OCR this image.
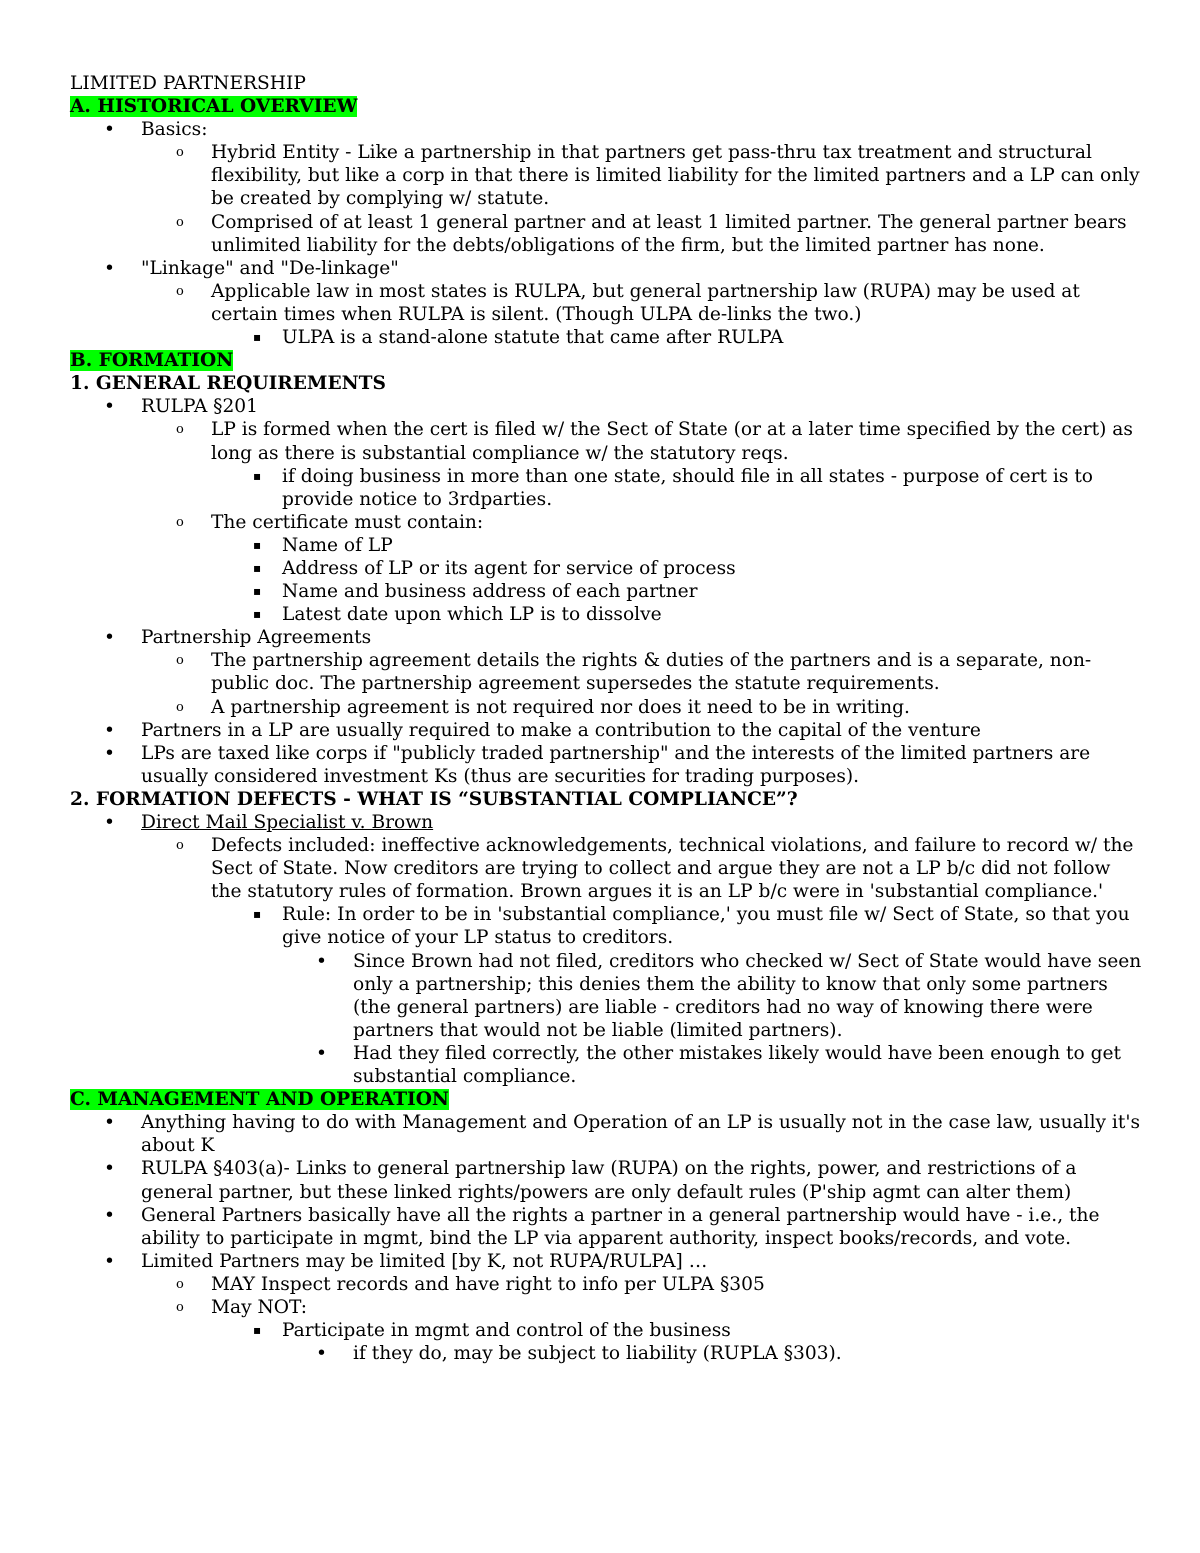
LIMITED PARTNERSHIP
A. HISTORICAL OVERVIEW
• Basics:
o Hybrid Entity - Like a partnership in that partners get pass-thru tax treatment and structural flexibility, but like a corp in that there is limited liability for the limited partners and a LP can only be created by complying w/ statute.
o Comprised of at least 1 general partner and at least 1 limited partner. The general partner bears unlimited liability for the debts/obligations of the firm, but the limited partner has none.
• "Linkage" and "De-linkage"
o Applicable law in most states is RULPA, but general partnership law (RUPA) may be used at certain times when RULPA is silent. (Though ULPA de-links the two.)
▪ ULPA is a stand-alone statute that came after RULPA
B. FORMATION
1. GENERAL REQUIREMENTS
• RULPA §201
o LP is formed when the cert is filed w/ the Sect of State (or at a later time specified by the cert) as long as there is substantial compliance w/ the statutory reqs.
▪ if doing business in more than one state, should file in all states - purpose of cert is to provide notice to 3rdparties.
o The certificate must contain:
▪ Name of LP
▪ Address of LP or its agent for service of process
▪ Name and business address of each partner
▪ Latest date upon which LP is to dissolve
• Partnership Agreements
o The partnership agreement details the rights & duties of the partners and is a separate, non- public doc. The partnership agreement supersedes the statute requirements.
o A partnership agreement is not required nor does it need to be in writing.
• Partners in a LP are usually required to make a contribution to the capital of the venture
• LPs are taxed like corps if "publicly traded partnership" and the interests of the limited partners are usually considered investment Ks (thus are securities for trading purposes).
2. FORMATION DEFECTS - WHAT IS “SUBSTANTIAL COMPLIANCE”?
• Direct Mail Specialist v. Brown
o Defects included: ineffective acknowledgements, technical violations, and failure to record w/ the Sect of State. Now creditors are trying to collect and argue they are not a LP b/c did not follow the statutory rules of formation. Brown argues it is an LP b/c were in 'substantial compliance.'
▪ Rule: In order to be in 'substantial compliance,' you must file w/ Sect of State, so that you give notice of your LP status to creditors.
• Since Brown had not filed, creditors who checked w/ Sect of State would have seen only a partnership; this denies them the ability to know that only some partners (the general partners) are liable - creditors had no way of knowing there were partners that would not be liable (limited partners).
• Had they filed correctly, the other mistakes likely would have been enough to get substantial compliance.
C. MANAGEMENT AND OPERATION
• Anything having to do with Management and Operation of an LP is usually not in the case law, usually it's about K
• RULPA §403(a)- Links to general partnership law (RUPA) on the rights, power, and restrictions of a general partner, but these linked rights/powers are only default rules (P'ship agmt can alter them)
• General Partners basically have all the rights a partner in a general partnership would have - i.e., the ability to participate in mgmt, bind the LP via apparent authority, inspect books/records, and vote.
• Limited Partners may be limited [by K, not RUPA/RULPA] …
o MAY Inspect records and have right to info per ULPA §305
o May NOT:
▪ Participate in mgmt and control of the business
• if they do, may be subject to liability (RUPLA §303).
